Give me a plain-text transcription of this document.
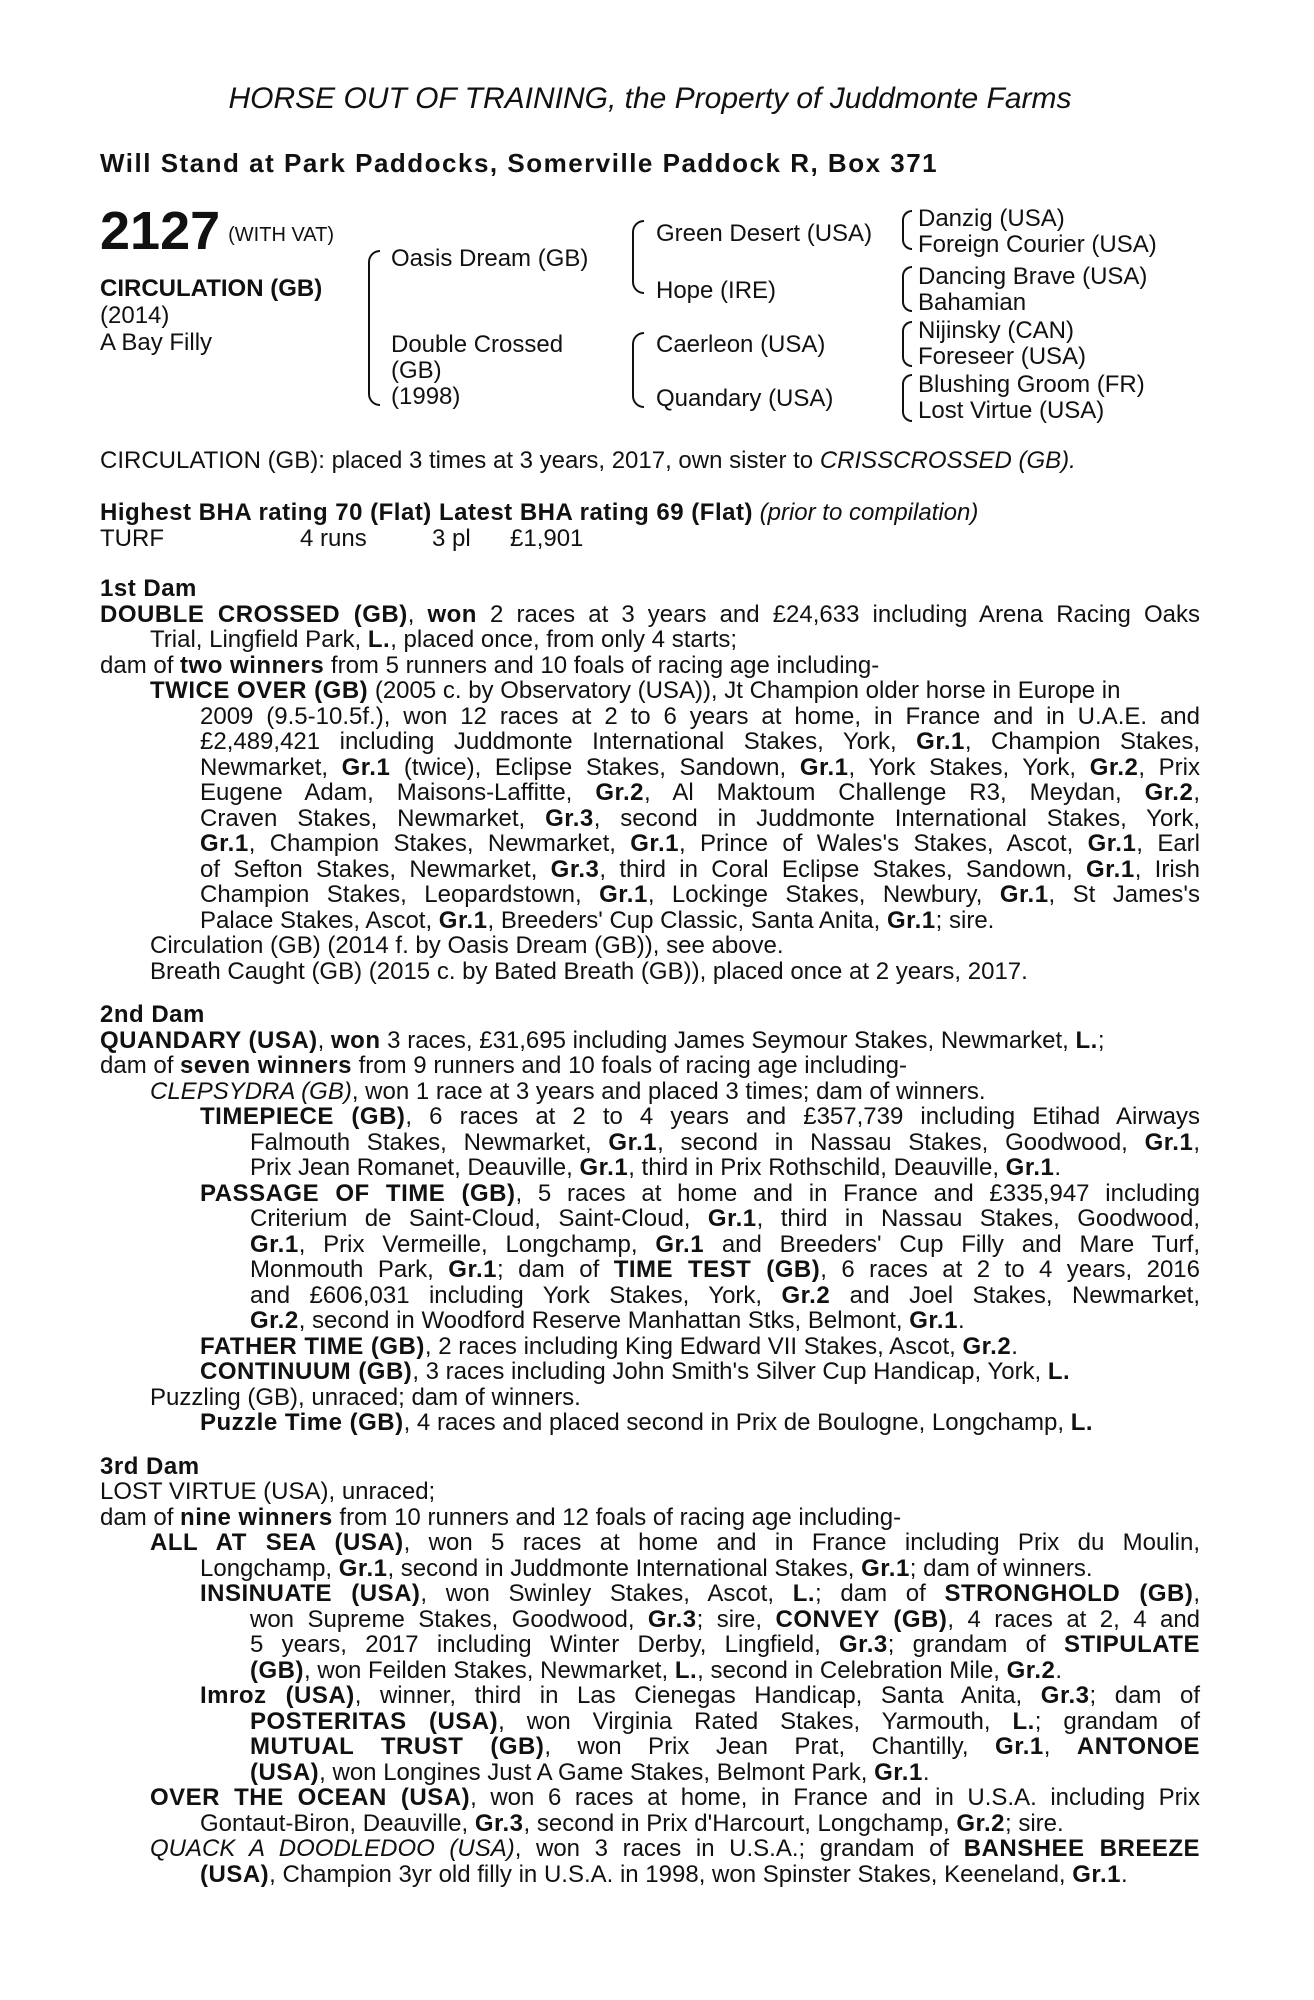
HORSE OUT OF TRAINING, the Property of Juddmonte Farms
Will Stand at Park Paddocks, Somerville Paddock R, Box 371
2127 (WITH VAT)
CIRCULATION (GB)
(2014)
A Bay Filly
Oasis Dream (GB)
Double Crossed
(GB)
(1998)
Green Desert (USA)
Hope (IRE)
Caerleon (USA)
Quandary (USA)
Danzig (USA)
Foreign Courier (USA)
Dancing Brave (USA)
Bahamian
Nijinsky (CAN)
Foreseer (USA)
Blushing Groom (FR)
Lost Virtue (USA)
CIRCULATION (GB): placed 3 times at 3 years, 2017, own sister to CRISSCROSSED (GB).
Highest BHA rating 70 (Flat) Latest BHA rating 69 (Flat) (prior to compilation)
TURF	4 runs	3 pl £1,901
1st Dam
DOUBLE CROSSED (GB), won 2 races at 3 years and £24,633 including Arena Racing Oaks
Trial, Lingfield Park, L., placed once, from only 4 starts;
dam of two winners from 5 runners and 10 foals of racing age including-
TWICE OVER (GB) (2005 c. by Observatory (USA)), Jt Champion older horse in Europe in
2009 (9.5-10.5f.), won 12 races at 2 to 6 years at home, in France and in U.A.E. and
£2,489,421 including Juddmonte International Stakes, York, Gr.1, Champion Stakes,
Newmarket, Gr.1 (twice), Eclipse Stakes, Sandown, Gr.1, York Stakes, York, Gr.2, Prix
Eugene Adam, Maisons-Laffitte, Gr.2, Al Maktoum Challenge R3, Meydan, Gr.2,
Craven Stakes, Newmarket, Gr.3, second in Juddmonte International Stakes, York,
Gr.1, Champion Stakes, Newmarket, Gr.1, Prince of Wales's Stakes, Ascot, Gr.1, Earl
of Sefton Stakes, Newmarket, Gr.3, third in Coral Eclipse Stakes, Sandown, Gr.1, Irish
Champion Stakes, Leopardstown, Gr.1, Lockinge Stakes, Newbury, Gr.1, St James's
Palace Stakes, Ascot, Gr.1, Breeders' Cup Classic, Santa Anita, Gr.1; sire.
Circulation (GB) (2014 f. by Oasis Dream (GB)), see above.
Breath Caught (GB) (2015 c. by Bated Breath (GB)), placed once at 2 years, 2017.
2nd Dam
QUANDARY (USA), won 3 races, £31,695 including James Seymour Stakes, Newmarket, L.;
dam of seven winners from 9 runners and 10 foals of racing age including-
CLEPSYDRA (GB), won 1 race at 3 years and placed 3 times; dam of winners.
TIMEPIECE (GB), 6 races at 2 to 4 years and £357,739 including Etihad Airways
Falmouth Stakes, Newmarket, Gr.1, second in Nassau Stakes, Goodwood, Gr.1,
Prix Jean Romanet, Deauville, Gr.1, third in Prix Rothschild, Deauville, Gr.1.
PASSAGE OF TIME (GB), 5 races at home and in France and £335,947 including
Criterium de Saint-Cloud, Saint-Cloud, Gr.1, third in Nassau Stakes, Goodwood,
Gr.1, Prix Vermeille, Longchamp, Gr.1 and Breeders' Cup Filly and Mare Turf,
Monmouth Park, Gr.1; dam of TIME TEST (GB), 6 races at 2 to 4 years, 2016
and £606,031 including York Stakes, York, Gr.2 and Joel Stakes, Newmarket,
Gr.2, second in Woodford Reserve Manhattan Stks, Belmont, Gr.1.
FATHER TIME (GB), 2 races including King Edward VII Stakes, Ascot, Gr.2.
CONTINUUM (GB), 3 races including John Smith's Silver Cup Handicap, York, L.
Puzzling (GB), unraced; dam of winners.
Puzzle Time (GB), 4 races and placed second in Prix de Boulogne, Longchamp, L.
3rd Dam
LOST VIRTUE (USA), unraced;
dam of nine winners from 10 runners and 12 foals of racing age including-
ALL AT SEA (USA), won 5 races at home and in France including Prix du Moulin,
Longchamp, Gr.1, second in Juddmonte International Stakes, Gr.1; dam of winners.
INSINUATE (USA), won Swinley Stakes, Ascot, L.; dam of STRONGHOLD (GB),
won Supreme Stakes, Goodwood, Gr.3; sire, CONVEY (GB), 4 races at 2, 4 and
5 years, 2017 including Winter Derby, Lingfield, Gr.3; grandam of STIPULATE
(GB), won Feilden Stakes, Newmarket, L., second in Celebration Mile, Gr.2.
Imroz (USA), winner, third in Las Cienegas Handicap, Santa Anita, Gr.3; dam of
POSTERITAS (USA), won Virginia Rated Stakes, Yarmouth, L.; grandam of
MUTUAL TRUST (GB), won Prix Jean Prat, Chantilly, Gr.1, ANTONOE
(USA), won Longines Just A Game Stakes, Belmont Park, Gr.1.
OVER THE OCEAN (USA), won 6 races at home, in France and in U.S.A. including Prix
Gontaut-Biron, Deauville, Gr.3, second in Prix d'Harcourt, Longchamp, Gr.2; sire.
QUACK A DOODLEDOO (USA), won 3 races in U.S.A.; grandam of BANSHEE BREEZE
(USA), Champion 3yr old filly in U.S.A. in 1998, won Spinster Stakes, Keeneland, Gr.1.
